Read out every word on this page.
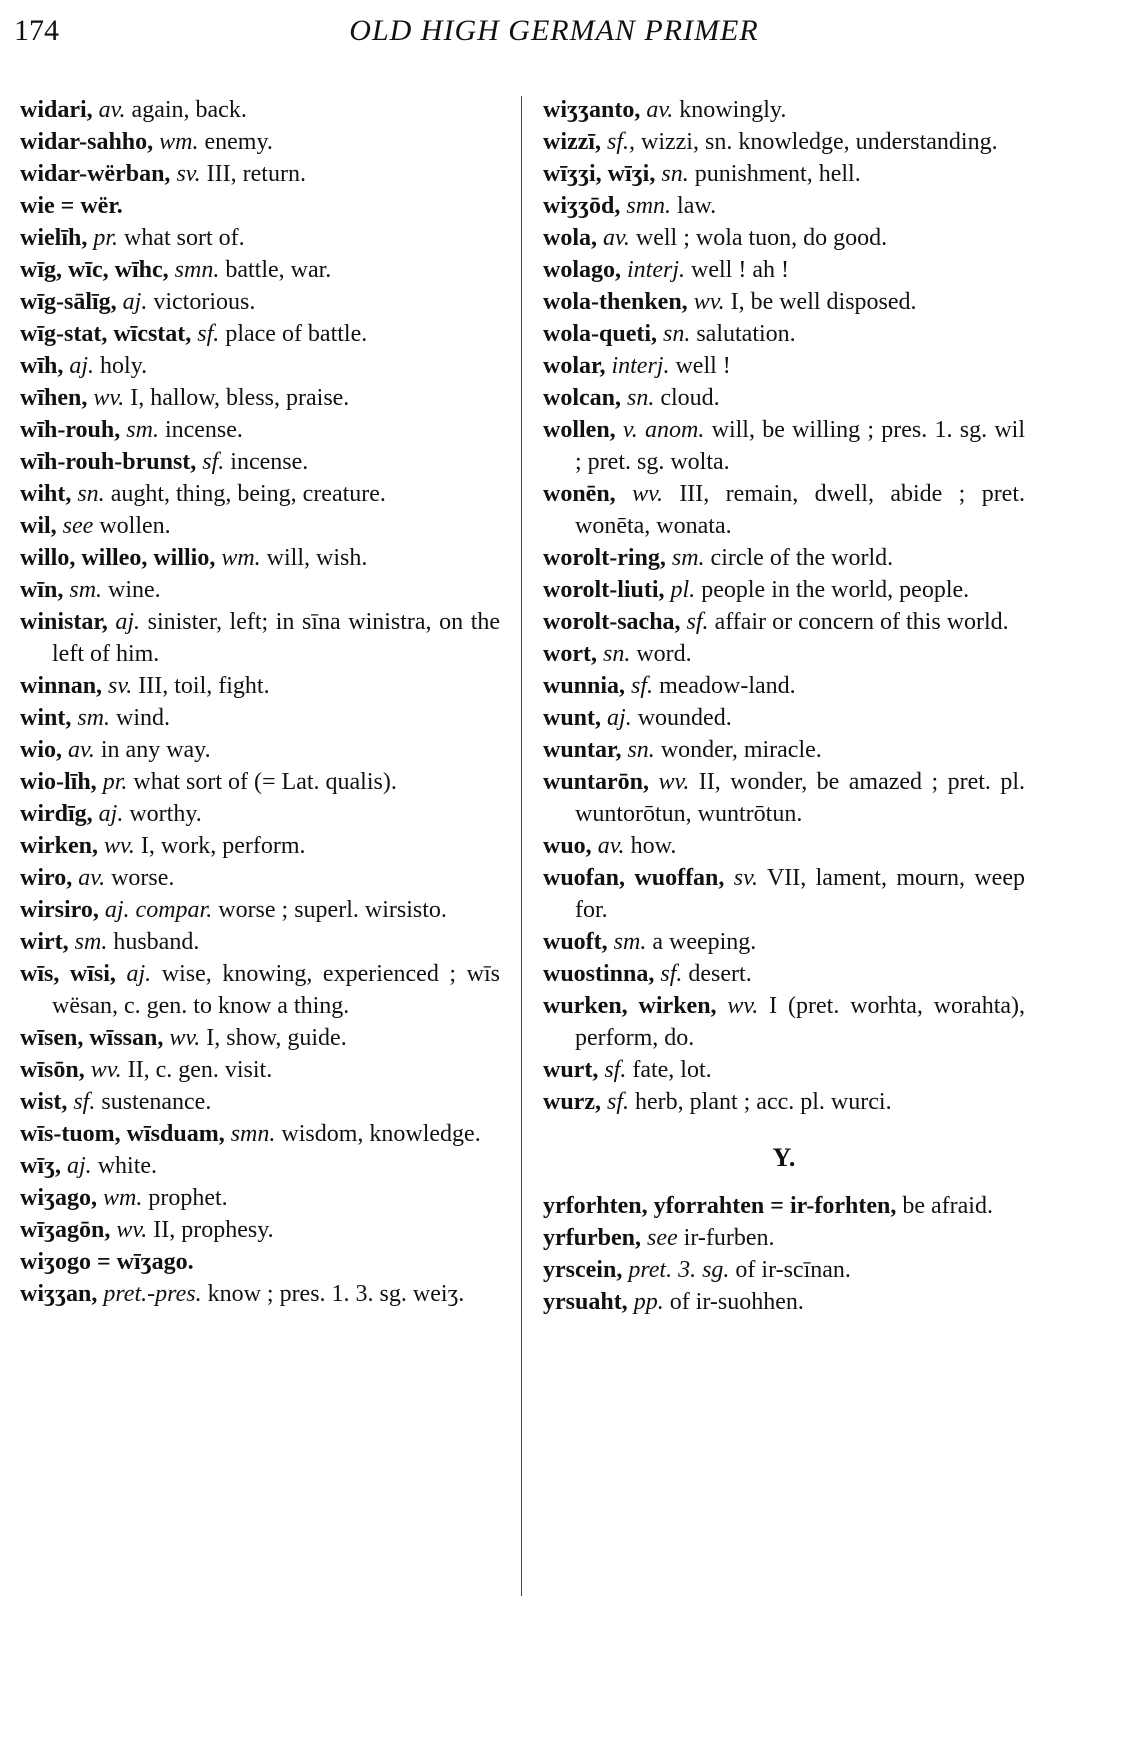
174	OLD HIGH GERMAN PRIMER

widari, av. again, back.

widar-sahho, wm. enemy.

widar-wërban, sv. III, return.

wie = wër.

wielīh, pr. what sort of.

wīg, wīc, wīhc, smn. battle, war.

wīg-sālīg, aj. victorious.

wīg-stat, wīcstat, sf. place of battle.

wīh, aj. holy.

wīhen, wv. I, hallow, bless, praise.

wīh-rouh, sm. incense.

wīh-rouh-brunst, sf. incense.

wiht, sn. aught, thing, being, creature.

wil, see wollen.

willo, willeo, willio, wm. will, wish.

wīn, sm. wine.

winistar, aj. sinister, left; in sīna winistra, on the left of him.

winnan, sv. III, toil, fight.

wint, sm. wind.

wio, av. in any way.

wio-līh, pr. what sort of (= Lat. qualis).

wirdīg, aj. worthy.

wirken, wv. I, work, perform.

wiro, av. worse.

wirsiro, aj. compar. worse ; superl. wirsisto.

wirt, sm. husband.

wīs, wīsi, aj. wise, knowing, experienced ; wīs wësan, c. gen. to know a thing.

wīsen, wīssan, wv. I, show, guide.

wīsōn, wv. II, c. gen. visit.

wist, sf. sustenance.

wīs-tuom, wīsduam, smn. wisdom, knowledge.

wīʒ, aj. white.

wiʒago, wm. prophet.

wīʒagōn, wv. II, prophesy.

wiʒogo = wīʒago.

wiʒʒan, pret.-pres. know ; pres. 1. 3. sg. weiʒ.

wiʒʒanto, av. knowingly.

wizzī, sf., wizzi, sn. knowledge, understanding.

wīʒʒi, wīʒi, sn. punishment, hell.

wiʒʒōd, smn. law.

wola, av. well ; wola tuon, do good.

wolago, interj. well ! ah !

wola-thenken, wv. I, be well disposed.

wola-queti, sn. salutation.

wolar, interj. well !

wolcan, sn. cloud.

wollen, v. anom. will, be willing ; pres. 1. sg. wil ; pret. sg. wolta.

wonēn, wv. III, remain, dwell, abide ; pret. wonēta, wonata.

worolt-ring, sm. circle of the world.

worolt-liuti, pl. people in the world, people.

worolt-sacha, sf. affair or concern of this world.

wort, sn. word.

wunnia, sf. meadow-land.

wunt, aj. wounded.

wuntar, sn. wonder, miracle.

wuntarōn, wv. II, wonder, be amazed ; pret. pl. wuntorōtun, wuntrōtun.

wuo, av. how.

wuofan, wuoffan, sv. VII, lament, mourn, weep for.

wuoft, sm. a weeping.

wuostinna, sf. desert.

wurken, wirken, wv. I (pret. worhta, worahta), perform, do.

wurt, sf. fate, lot.

wurz, sf. herb, plant ; acc. pl. wurci.

Y.

yrforhten, yforrahten = ir-forhten, be afraid.

yrfurben, see ir-furben.

yrscein, pret. 3. sg. of ir-scīnan.

yrsuaht, pp. of ir-suohhen.
